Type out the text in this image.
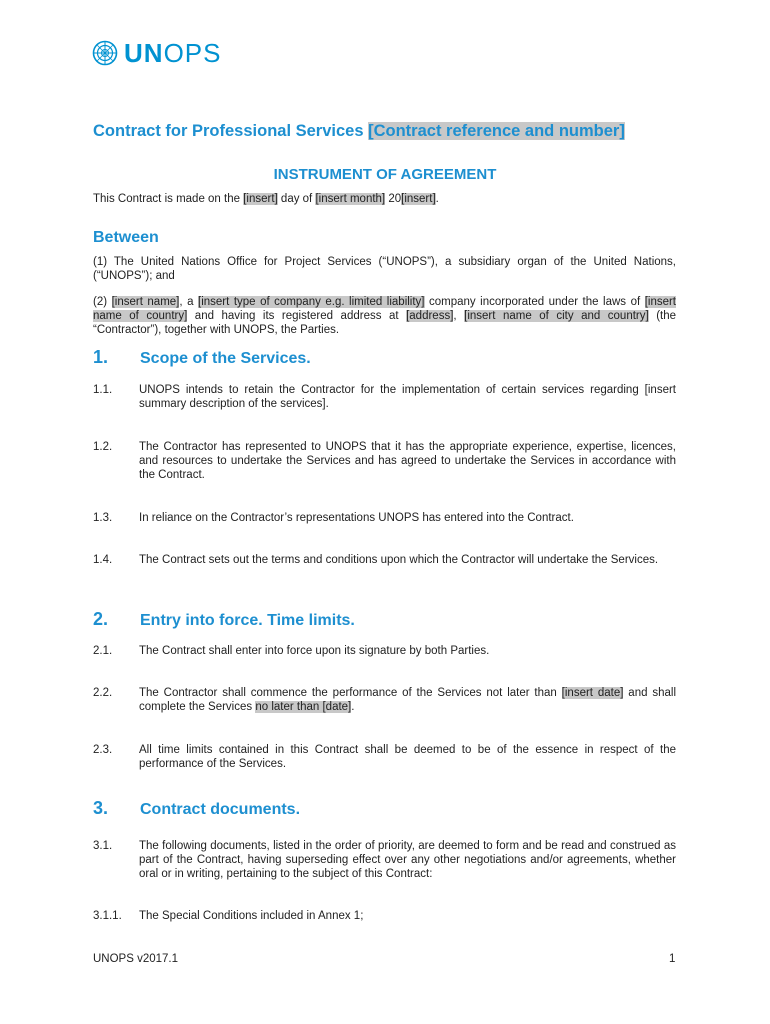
UNOPS
Contract for Professional Services [Contract reference and number]
INSTRUMENT OF AGREEMENT
This Contract is made on the [insert] day of [insert month] 20[insert].
Between
(1) The United Nations Office for Project Services (“UNOPS”), a subsidiary organ of the United Nations, (“UNOPS”); and
(2) [insert name], a [insert type of company e.g. limited liability] company incorporated under the laws of [insert name of country] and having its registered address at [address], [insert name of city and country] (the “Contractor”), together with UNOPS, the Parties.
1. Scope of the Services.
1.1. UNOPS intends to retain the Contractor for the implementation of certain services regarding [insert summary description of the services].
1.2. The Contractor has represented to UNOPS that it has the appropriate experience, expertise, licences, and resources to undertake the Services and has agreed to undertake the Services in accordance with the Contract.
1.3. In reliance on the Contractor’s representations UNOPS has entered into the Contract.
1.4. The Contract sets out the terms and conditions upon which the Contractor will undertake the Services.
2. Entry into force. Time limits.
2.1. The Contract shall enter into force upon its signature by both Parties.
2.2. The Contractor shall commence the performance of the Services not later than [insert date] and shall complete the Services no later than [date].
2.3. All time limits contained in this Contract shall be deemed to be of the essence in respect of the performance of the Services.
3. Contract documents.
3.1. The following documents, listed in the order of priority, are deemed to form and be read and construed as part of the Contract, having superseding effect over any other negotiations and/or agreements, whether oral or in writing, pertaining to the subject of this Contract:
3.1.1. The Special Conditions included in Annex 1;
UNOPS v2017.1	1
